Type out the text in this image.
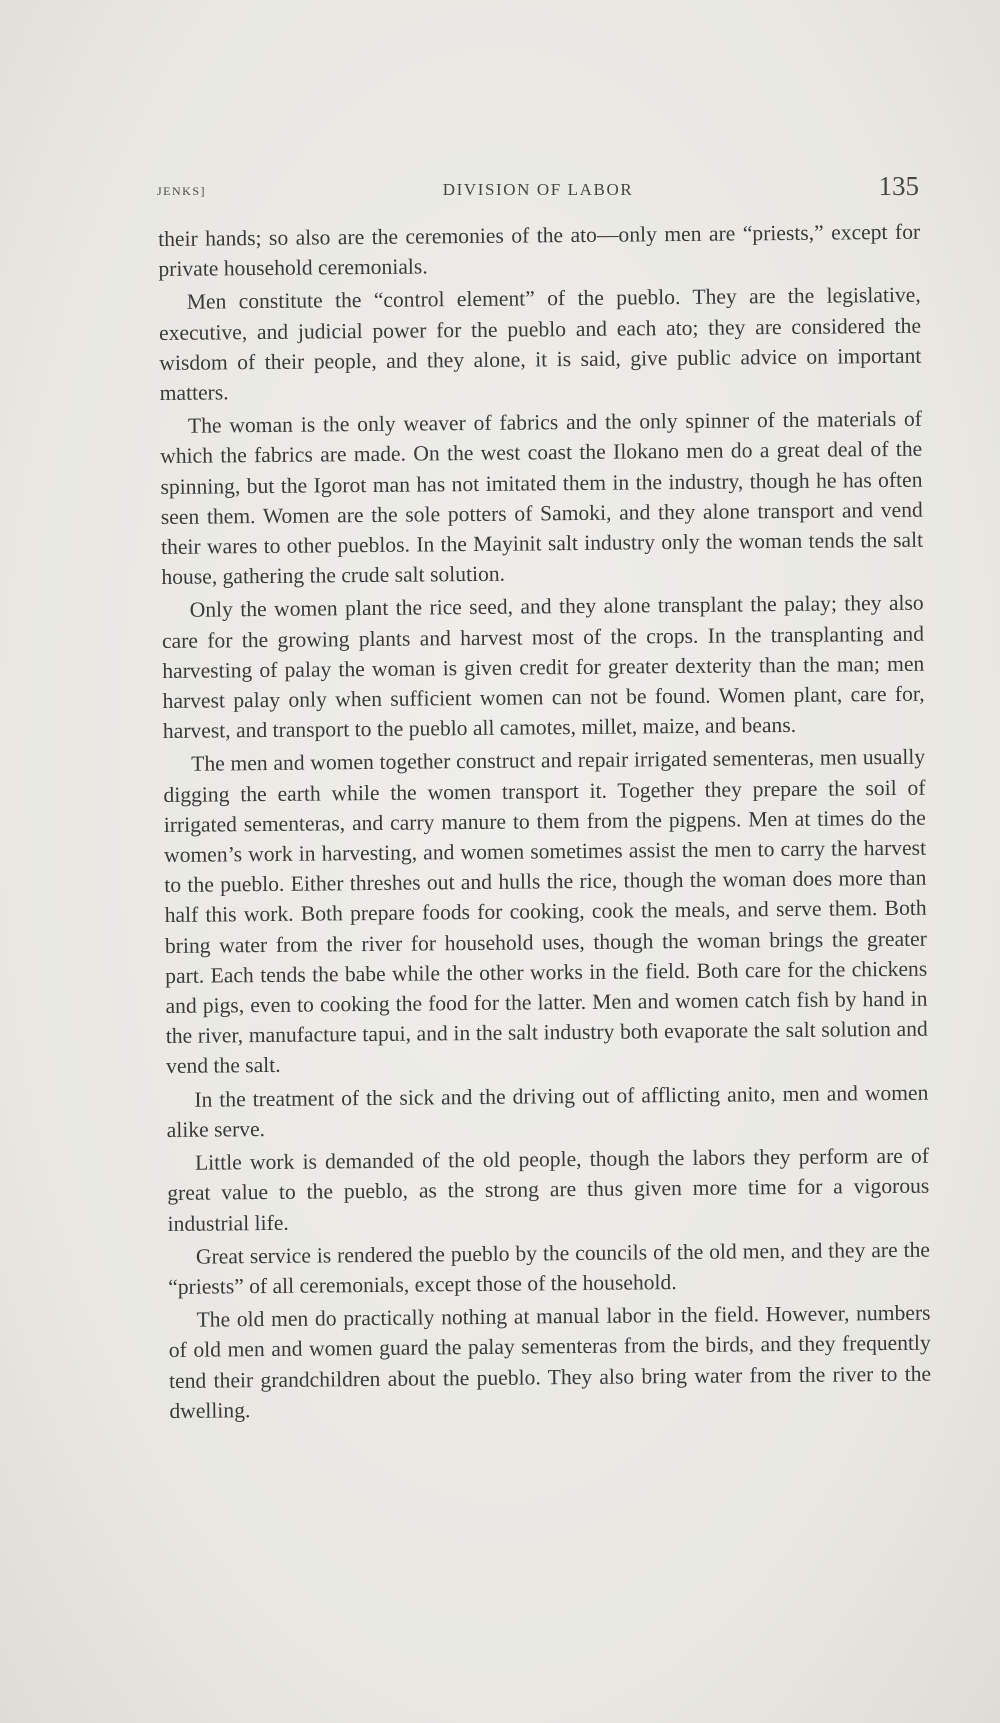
JENKS]	DIVISION OF LABOR	135

their hands; so also are the ceremonies of the ato—only men are “priests,” except for private household ceremonials.

Men constitute the “control element” of the pueblo. They are the legislative, executive, and judicial power for the pueblo and each ato; they are considered the wisdom of their people, and they alone, it is said, give public advice on important matters.

The woman is the only weaver of fabrics and the only spinner of the materials of which the fabrics are made. On the west coast the Ilokano men do a great deal of the spinning, but the Igorot man has not imitated them in the industry, though he has often seen them. Women are the sole potters of Samoki, and they alone transport and vend their wares to other pueblos. In the Mayinit salt industry only the woman tends the salt house, gathering the crude salt solution.

Only the women plant the rice seed, and they alone transplant the palay; they also care for the growing plants and harvest most of the crops. In the transplanting and harvesting of palay the woman is given credit for greater dexterity than the man; men harvest palay only when sufficient women can not be found. Women plant, care for, harvest, and transport to the pueblo all camotes, millet, maize, and beans.

The men and women together construct and repair irrigated sementeras, men usually digging the earth while the women transport it. Together they prepare the soil of irrigated sementeras, and carry manure to them from the pigpens. Men at times do the women’s work in harvesting, and women sometimes assist the men to carry the harvest to the pueblo. Either threshes out and hulls the rice, though the woman does more than half this work. Both prepare foods for cooking, cook the meals, and serve them. Both bring water from the river for household uses, though the woman brings the greater part. Each tends the babe while the other works in the field. Both care for the chickens and pigs, even to cooking the food for the latter. Men and women catch fish by hand in the river, manufacture tapui, and in the salt industry both evaporate the salt solution and vend the salt.

In the treatment of the sick and the driving out of afflicting anito, men and women alike serve.

Little work is demanded of the old people, though the labors they perform are of great value to the pueblo, as the strong are thus given more time for a vigorous industrial life.

Great service is rendered the pueblo by the councils of the old men, and they are the “priests” of all ceremonials, except those of the household.

The old men do practically nothing at manual labor in the field. However, numbers of old men and women guard the palay sementeras from the birds, and they frequently tend their grandchildren about the pueblo. They also bring water from the river to the dwelling.
